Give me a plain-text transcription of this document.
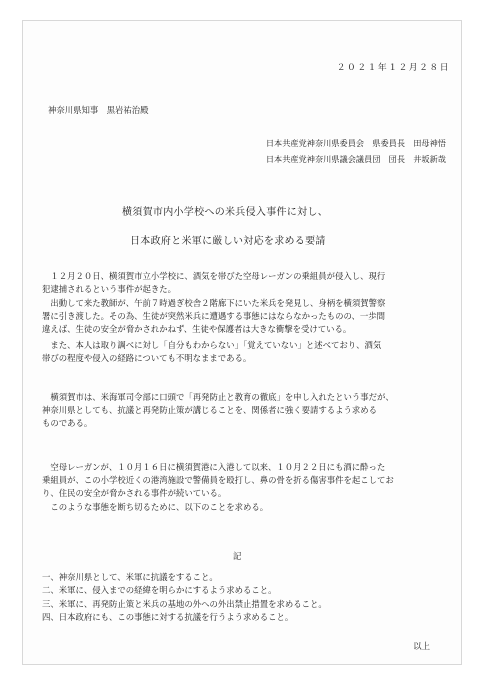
２０２１年１２月２８日
神奈川県知事　黒岩祐治殿
日本共産党神奈川県委員会　県委員長　田母神悟
日本共産党神奈川県議会議員団　団長　井坂新哉
横須賀市内小学校への米兵侵入事件に対し、
日本政府と米軍に厳しい対応を求める要請
１２月２０日、横須賀市立小学校に、酒気を帯びた空母レーガンの乗組員が侵入し、現行
犯逮捕されるという事件が起きた。
出動して来た教師が、午前７時過ぎ校舎２階廊下にいた米兵を発見し、身柄を横須賀警察
署に引き渡した。その為、生徒が突然米兵に遭遇する事態にはならなかったものの、一歩間
違えば、生徒の安全が脅かされかねず、生徒や保護者は大きな衝撃を受けている。
また、本人は取り調べに対し「自分もわからない」「覚えていない」と述べており、酒気
帯びの程度や侵入の経路についても不明なままである。
横須賀市は、米海軍司令部に口頭で「再発防止と教育の徹底」を申し入れたという事だが、
神奈川県としても、抗議と再発防止策が講じることを、関係者に強く要請するよう求める
ものである。
空母レーガンが、１０月１６日に横須賀港に入港して以来、１０月２２日にも酒に酔った
乗組員が、この小学校近くの港湾施設で警備員を殴打し、鼻の骨を折る傷害事件を起こしてお
り、住民の安全が脅かされる事件が続いている。
このような事態を断ち切るために、以下のことを求める。
記
一、神奈川県として、米軍に抗議をすること。
二、米軍に、侵入までの経緯を明らかにするよう求めること。
三、米軍に、再発防止策と米兵の基地の外への外出禁止措置を求めること。
四、日本政府にも、この事態に対する抗議を行うよう求めること。
以上
